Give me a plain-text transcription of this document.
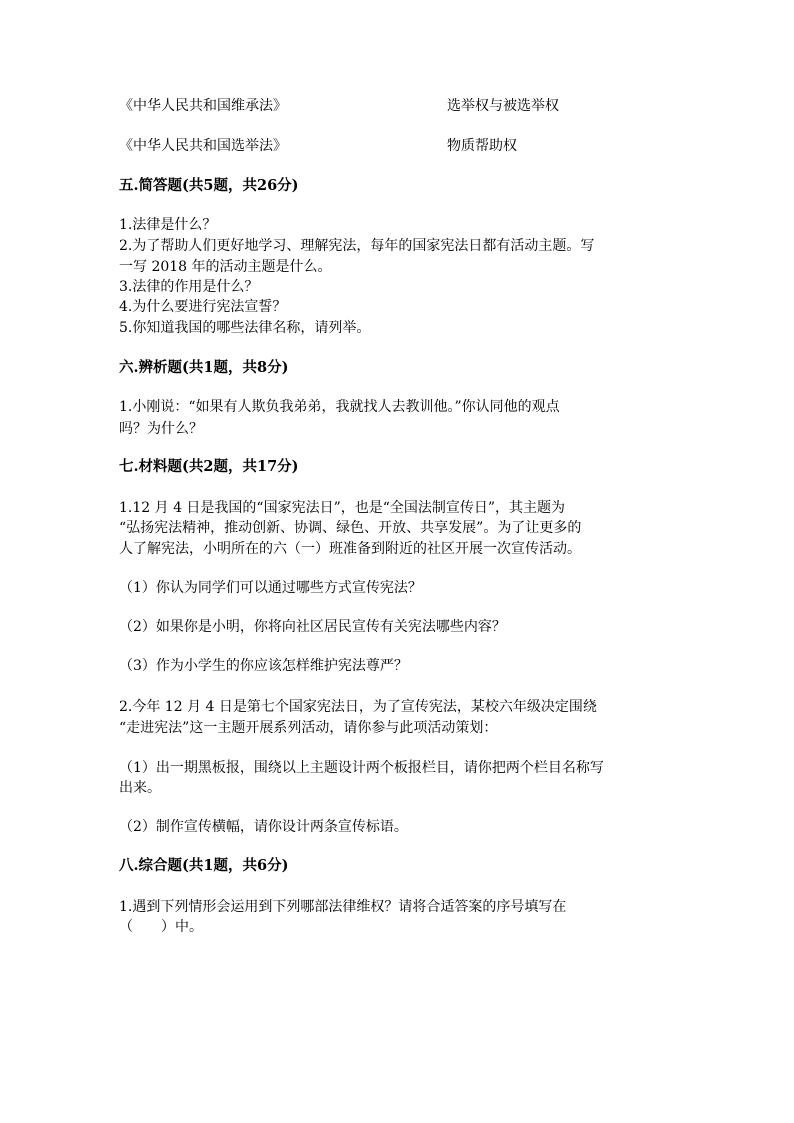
《中华人民共和国维承法》	选举权与被选举权
《中华人民共和国选举法》	物质帮助权
五.简答题(共5题，共26分)
1.法律是什么？
2.为了帮助人们更好地学习、理解宪法，每年的国家宪法日都有活动主题。写
一写 2018 年的活动主题是什么。
3.法律的作用是什么？
4.为什么要进行宪法宣誓？
5.你知道我国的哪些法律名称，请列举。
六.辨析题(共1题，共8分)
1.小刚说：“如果有人欺负我弟弟，我就找人去教训他。”你认同他的观点
吗？为什么？
七.材料题(共2题，共17分)
1.12 月 4 日是我国的“国家宪法日”，也是“全国法制宣传日”，其主题为
“弘扬宪法精神，推动创新、协调、绿色、开放、共享发展”。为了让更多的
人了解宪法，小明所在的六（一）班准备到附近的社区开展一次宣传活动。
（1）你认为同学们可以通过哪些方式宣传宪法？
（2）如果你是小明，你将向社区居民宣传有关宪法哪些内容？
（3）作为小学生的你应该怎样维护宪法尊严？
2.今年 12 月 4 日是第七个国家宪法日，为了宣传宪法，某校六年级决定围绕
“走进宪法”这一主题开展系列活动，请你参与此项活动策划：
（1）出一期黑板报，围绕以上主题设计两个板报栏目，请你把两个栏目名称写
出来。
（2）制作宣传横幅，请你设计两条宣传标语。
八.综合题(共1题，共6分)
1.遇到下列情形会运用到下列哪部法律维权？请将合适答案的序号填写在
（　　）中。
